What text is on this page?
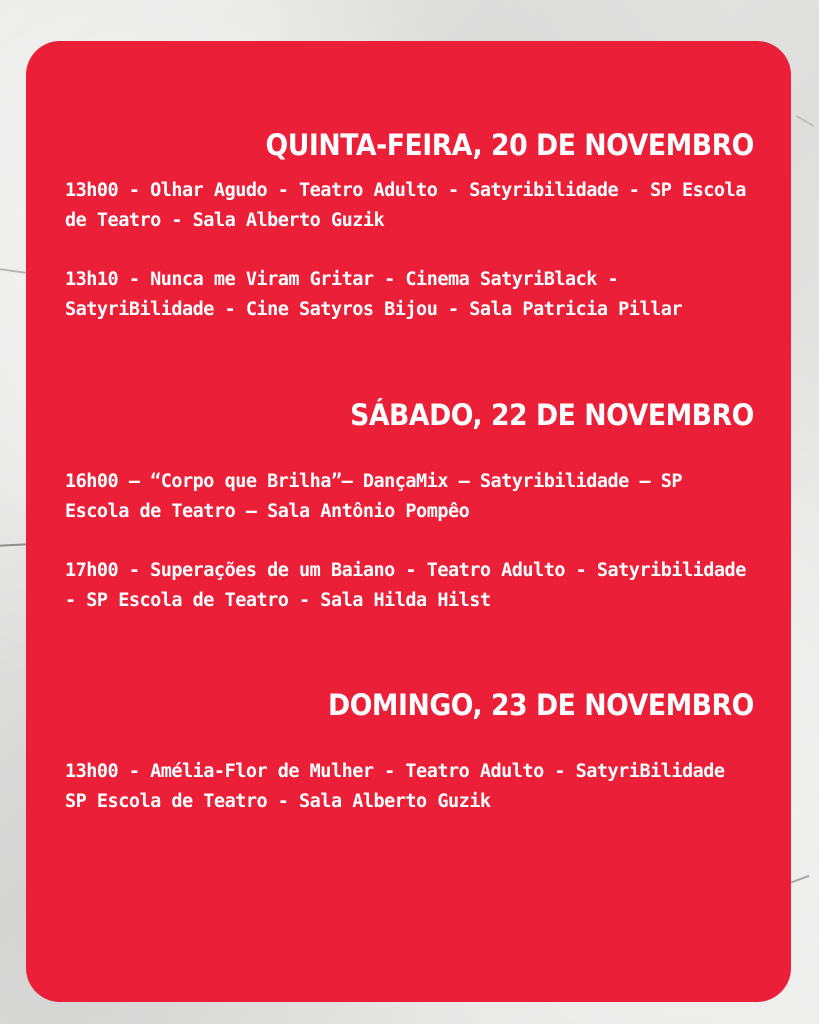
QUINTA-FEIRA, 20 DE NOVEMBRO

13h00 - Olhar Agudo - Teatro Adulto - Satyribilidade - SP Escola de Teatro - Sala Alberto Guzik

13h10 - Nunca me Viram Gritar - Cinema SatyriBlack - SatyriBilidade - Cine Satyros Bijou - Sala Patricia Pillar

SÁBADO, 22 DE NOVEMBRO

16h00 — “Corpo que Brilha”— DançaMix — Satyribilidade — SP Escola de Teatro — Sala Antônio Pompêo

17h00 - Superações de um Baiano - Teatro Adulto - Satyribilidade - SP Escola de Teatro - Sala Hilda Hilst

DOMINGO, 23 DE NOVEMBRO

13h00 - Amélia-Flor de Mulher - Teatro Adulto - SatyriBilidade SP Escola de Teatro - Sala Alberto Guzik
